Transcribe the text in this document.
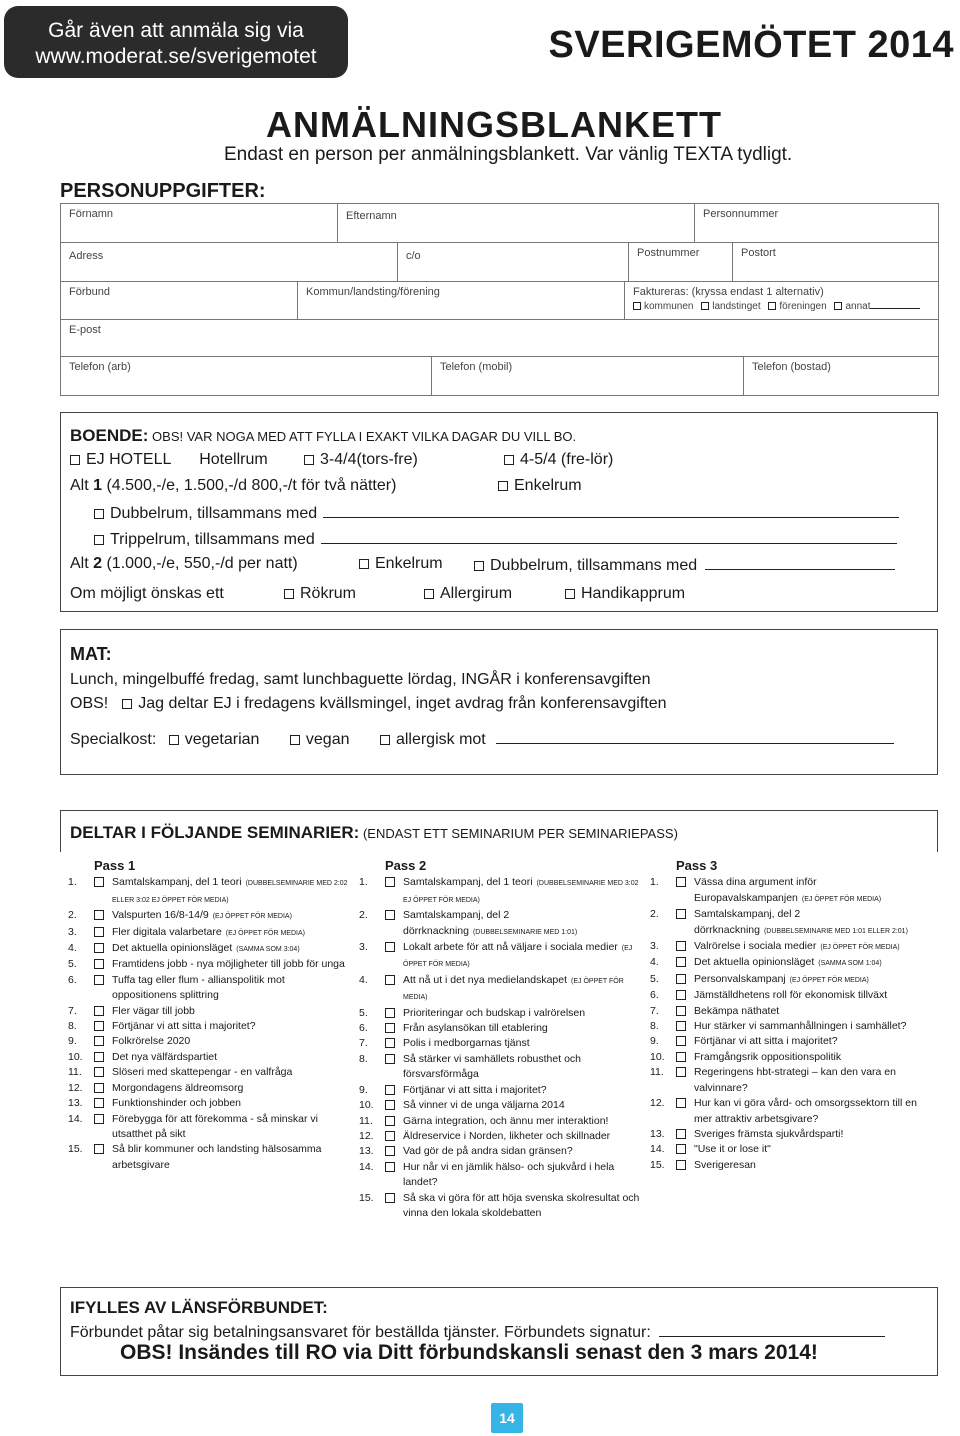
Går även att anmäla sig via
www.moderat.se/sverigemotet	SVERIGEMÖTET 2014
ANMÄLNINGSBLANKETT
Endast en person per anmälningsblankett. Var vänlig TEXTA tydligt.
PERSONUPPGIFTER:
Förnamn	Efternamn	Personnummer
Adress	c/o	Postnummer	Postort
Förbund	Kommun/landsting/förening	Faktureras: (kryssa endast 1 alternativ)
kommunen landstinget föreningen annat
E-post
Telefon (arb)	Telefon (mobil)	Telefon (bostad)
BOENDE: OBS! VAR NOGA MED ATT FYLLA I EXAKT VILKA DAGAR DU VILL BO.
EJ HOTELL Hotellrum	3-4/4(tors-fre)	4-5/4 (fre-lör)
Alt 1 (4.500,-/e, 1.500,-/d 800,-/t för två nätter)	Enkelrum
Dubbelrum, tillsammans med
Trippelrum, tillsammans med
Alt 2 (1.000,-/e, 550,-/d per natt)	Enkelrum	Dubbelrum, tillsammans med
Om möjligt önskas ett	Rökrum	Allergirum	Handikapprum
MAT:
Lunch, mingelbuffé fredag, samt lunchbaguette lördag, INGÅR i konferensavgiften
OBS! Jag deltar EJ i fredagens kvällsmingel, inget avdrag från konferensavgiften
Specialkost: vegetarian	vegan	allergisk mot
DELTAR I FÖLJANDE SEMINARIER: (ENDAST ETT SEMINARIUM PER SEMINARIEPASS)
Pass 1
1.	Samtalskampanj, del 1 teori (DUBBELSEMINARIE MED 2:02 ELLER 3:02 EJ ÖPPET FÖR MEDIA)
2.	Valspurten 16/8-14/9 (EJ ÖPPET FÖR MEDIA)
3.	Fler digitala valarbetare (EJ ÖPPET FÖR MEDIA)
4.	Det aktuella opinionsläget (SAMMA SOM 3:04)
5.	Framtidens jobb - nya möjligheter till jobb för unga
6.	Tuffa tag eller flum - allianspolitik mot oppositionens splittring
7.	Fler vägar till jobb
8.	Förtjänar vi att sitta i majoritet?
9.	Folkrörelse 2020
10.	Det nya välfärdspartiet
11.	Slöseri med skattepengar - en valfråga
12.	Morgondagens äldreomsorg
13.	Funktionshinder och jobben
14.	Förebygga för att förekomma - så minskar vi utsatthet på sikt
15.	Så blir kommuner och landsting hälsosamma arbetsgivare
Pass 2
1.	Samtalskampanj, del 1 teori (DUBBELSEMINARIE MED 3:02 EJ ÖPPET FÖR MEDIA)
2.	Samtalskampanj, del 2 dörrknackning (DUBBELSEMINARIE MED 1:01)
3.	Lokalt arbete för att nå väljare i sociala medier (EJ ÖPPET FÖR MEDIA)
4.	Att nå ut i det nya medielandskapet (EJ ÖPPET FÖR MEDIA)
5.	Prioriteringar och budskap i valrörelsen
6.	Från asylansökan till etablering
7.	Polis i medborgarnas tjänst
8.	Så stärker vi samhällets robusthet och försvarsförmåga
9.	Förtjänar vi att sitta i majoritet?
10.	Så vinner vi de unga väljarna 2014
11.	Gärna integration, och ännu mer interaktion!
12.	Äldreservice i Norden, likheter och skillnader
13.	Vad gör de på andra sidan gränsen?
14.	Hur når vi en jämlik hälso- och sjukvård i hela landet?
15.	Så ska vi göra för att höja svenska skolresultat och vinna den lokala skoldebatten
Pass 3
1.	Vässa dina argument inför Europavalskampanjen (EJ ÖPPET FÖR MEDIA)
2.	Samtalskampanj, del 2 dörrknackning (DUBBELSEMINARIE MED 1:01 ELLER 2:01)
3.	Valrörelse i sociala medier (EJ ÖPPET FÖR MEDIA)
4.	Det aktuella opinionsläget (SAMMA SOM 1:04)
5.	Personvalskampanj (EJ ÖPPET FÖR MEDIA)
6.	Jämställdhetens roll för ekonomisk tillväxt
7.	Bekämpa näthatet
8.	Hur stärker vi sammanhållningen i samhället?
9.	Förtjänar vi att sitta i majoritet?
10.	Framgångsrik oppositionspolitik
11.	Regeringens hbt-strategi – kan den vara en valvinnare?
12.	Hur kan vi göra vård- och omsorgssektorn till en mer attraktiv arbetsgivare?
13.	Sveriges främsta sjukvårdsparti!
14.	"Use it or lose it"
15.	Sverigeresan
IFYLLES AV LÄNSFÖRBUNDET:
Förbundet påtar sig betalningsansvaret för beställda tjänster. Förbundets signatur:
OBS! Insändes till RO via Ditt förbundskansli senast den 3 mars 2014!
14
